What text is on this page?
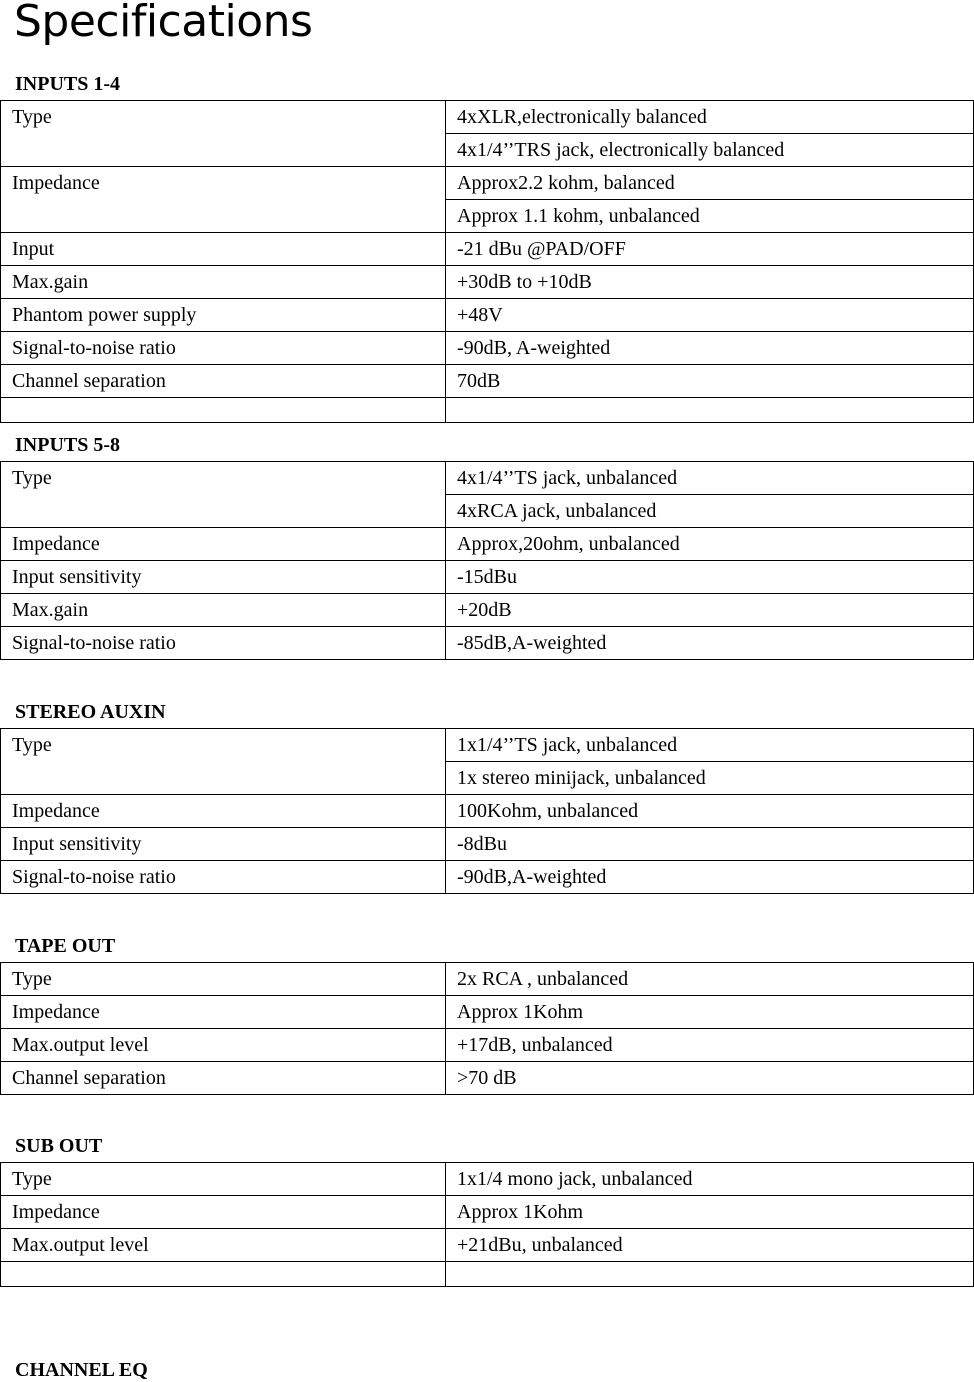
Specifications
INPUTS 1-4
Type	4xXLR,electronically balanced
	4x1/4’’TRS jack, electronically balanced
Impedance	Approx2.2 kohm, balanced
	Approx 1.1 kohm, unbalanced
Input	-21 dBu @PAD/OFF
Max.gain	+30dB to +10dB
Phantom power supply	+48V
Signal-to-noise ratio	-90dB, A-weighted
Channel separation	70dB

INPUTS 5-8
Type	4x1/4’’TS jack, unbalanced
	4xRCA jack, unbalanced
Impedance	Approx,20ohm, unbalanced
Input sensitivity	-15dBu
Max.gain	+20dB
Signal-to-noise ratio	-85dB,A-weighted
STEREO AUXIN
Type	1x1/4’’TS jack, unbalanced
	1x stereo minijack, unbalanced
Impedance	100Kohm, unbalanced
Input sensitivity	-8dBu
Signal-to-noise ratio	-90dB,A-weighted
TAPE OUT
Type	2x RCA , unbalanced
Impedance	Approx 1Kohm
Max.output level	+17dB, unbalanced
Channel separation	>70 dB
SUB OUT
Type	1x1/4 mono jack, unbalanced
Impedance	Approx 1Kohm
Max.output level	+21dBu, unbalanced

CHANNEL EQ
